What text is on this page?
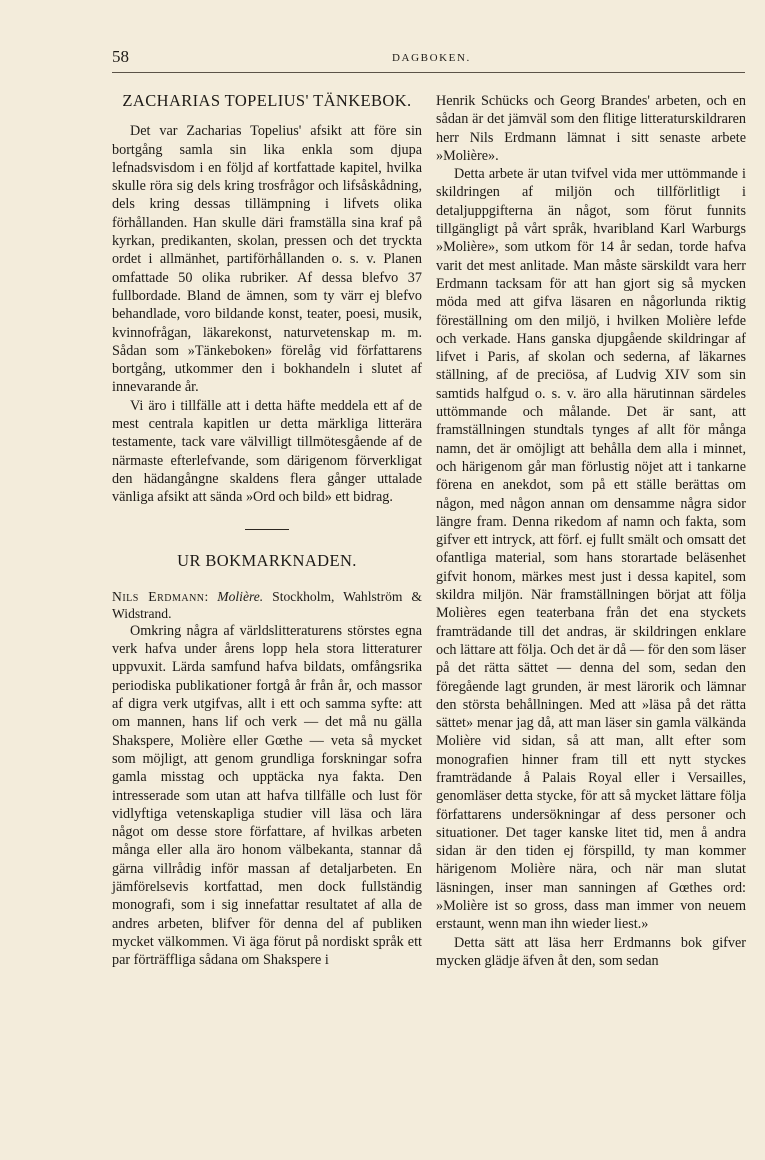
58	DAGBOKEN.
ZACHARIAS TOPELIUS' TÄNKEBOK.

Det var Zacharias Topelius' afsikt att före sin bortgång samla sin lika enkla som djupa lefnadsvisdom i en följd af kortfattade kapitel, hvilka skulle röra sig dels kring trosfrågor och lifsåskådning, dels kring dessas tillämpning i lifvets olika förhållanden. Han skulle däri framställa sina kraf på kyrkan, predikanten, skolan, pressen och det tryckta ordet i allmänhet, partiförhållanden o. s. v. Planen omfattade 50 olika rubriker. Af dessa blefvo 37 fullbordade. Bland de ämnen, som ty värr ej blefvo behandlade, voro bildande konst, teater, poesi, musik, kvinnofrågan, läkarekonst, naturvetenskap m. m. Sådan som »Tänkeboken» förelåg vid författarens bortgång, utkommer den i bokhandeln i slutet af innevarande år.

Vi äro i tillfälle att i detta häfte meddela ett af de mest centrala kapitlen ur detta märkliga litterära testamente, tack vare välvilligt tillmötesgående af de närmaste efterlefvande, som därigenom förverkligat den hädangångne skaldens flera gånger uttalade vänliga afsikt att sända »Ord och bild» ett bidrag.

UR BOKMARKNADEN.

Nils Erdmann: Molière. Stockholm, Wahlström & Widstrand.

Omkring några af världslitteraturens störstes egna verk hafva under årens lopp hela stora litteraturer uppvuxit. Lärda samfund hafva bildats, omfångsrika periodiska publikationer fortgå år från år, och massor af digra verk utgifvas, allt i ett och samma syfte: att om mannen, hans lif och verk — det må nu gälla Shakspere, Molière eller Gœthe — veta så mycket som möjligt, att genom grundliga forskningar sofra gamla misstag och upptäcka nya fakta. Den intresserade som utan att hafva tillfälle och lust för vidlyftiga vetenskapliga studier vill läsa och lära något om desse store författare, af hvilkas arbeten många eller alla äro honom välbekanta, stannar då gärna villrådig inför massan af detaljarbeten. En jämförelsevis kortfattad, men dock fullständig monografi, som i sig innefattar resultatet af alla de andres arbeten, blifver för denna del af publiken mycket välkommen. Vi äga förut på nordiskt språk ett par förträffliga sådana om Shakspere i

Henrik Schücks och Georg Brandes' arbeten, och en sådan är det jämväl som den flitige litteraturskildraren herr Nils Erdmann lämnat i sitt senaste arbete »Molière».

Detta arbete är utan tvifvel vida mer uttömmande i skildringen af miljön och tillförlitligt i detaljuppgifterna än något, som förut funnits tillgängligt på vårt språk, hvaribland Karl Warburgs »Molière», som utkom för 14 år sedan, torde hafva varit det mest anlitade. Man måste särskildt vara herr Erdmann tacksam för att han gjort sig så mycken möda med att gifva läsaren en någorlunda riktig föreställning om den miljö, i hvilken Molière lefde och verkade. Hans ganska djupgående skildringar af lifvet i Paris, af skolan och sederna, af läkarnes ställning, af de preciösa, af Ludvig XIV som sin samtids halfgud o. s. v. äro alla härutinnan särdeles uttömmande och målande. Det är sant, att framställningen stundtals tynges af allt för många namn, det är omöjligt att behålla dem alla i minnet, och härigenom går man förlustig nöjet att i tankarne förena en anekdot, som på ett ställe berättas om någon, med någon annan om densamme några sidor längre fram. Denna rikedom af namn och fakta, som gifver ett intryck, att förf. ej fullt smält och omsatt det ofantliga material, som hans storartade beläsenhet gifvit honom, märkes mest just i dessa kapitel, som skildra miljön. När framställningen börjat att följa Molières egen teaterbana från det ena styckets framträdande till det andras, är skildringen enklare och lättare att följa. Och det är då — för den som läser på det rätta sättet — denna del som, sedan den föregående lagt grunden, är mest lärorik och lämnar den största behållningen. Med att »läsa på det rätta sättet» menar jag då, att man läser sin gamla välkända Molière vid sidan, så att man, allt efter som monografien hinner fram till ett nytt styckes framträdande å Palais Royal eller i Versailles, genomläser detta stycke, för att så mycket lättare följa författarens undersökningar af dess personer och situationer. Det tager kanske litet tid, men å andra sidan är den tiden ej förspilld, ty man kommer härigenom Molière nära, och när man slutat läsningen, inser man sanningen af Gœthes ord: »Molière ist so gross, dass man immer von neuem erstaunt, wenn man ihn wieder liest.»

Detta sätt att läsa herr Erdmanns bok gifver mycken glädje äfven åt den, som sedan
